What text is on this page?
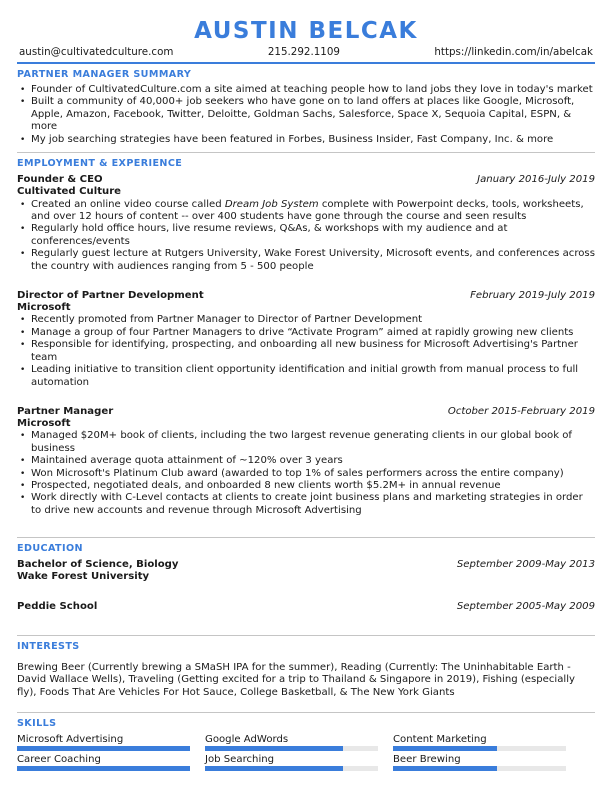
AUSTIN BELCAK
austin@cultivatedculture.com	215.292.1109	https://linkedin.com/in/abelcak
PARTNER MANAGER SUMMARY
• Founder of CultivatedCulture.com a site aimed at teaching people how to land jobs they love in today's market
• Built a community of 40,000+ job seekers who have gone on to land offers at places like Google, Microsoft, Apple, Amazon, Facebook, Twitter, Deloitte, Goldman Sachs, Salesforce, Space X, Sequoia Capital, ESPN, & more
• My job searching strategies have been featured in Forbes, Business Insider, Fast Company, Inc. & more
EMPLOYMENT & EXPERIENCE
Founder & CEO	January 2016-July 2019
Cultivated Culture
• Created an online video course called Dream Job System complete with Powerpoint decks, tools, worksheets, and over 12 hours of content -- over 400 students have gone through the course and seen results
• Regularly hold office hours, live resume reviews, Q&As, & workshops with my audience and at conferences/events
• Regularly guest lecture at Rutgers University, Wake Forest University, Microsoft events, and conferences across the country with audiences ranging from 5 - 500 people
Director of Partner Development	February 2019-July 2019
Microsoft
• Recently promoted from Partner Manager to Director of Partner Development
• Manage a group of four Partner Managers to drive “Activate Program” aimed at rapidly growing new clients
• Responsible for identifying, prospecting, and onboarding all new business for Microsoft Advertising's Partner team
• Leading initiative to transition client opportunity identification and initial growth from manual process to full automation
Partner Manager	October 2015-February 2019
Microsoft
• Managed $20M+ book of clients, including the two largest revenue generating clients in our global book of business
• Maintained average quota attainment of ~120% over 3 years
• Won Microsoft's Platinum Club award (awarded to top 1% of sales performers across the entire company)
• Prospected, negotiated deals, and onboarded 8 new clients worth $5.2M+ in annual revenue
• Work directly with C-Level contacts at clients to create joint business plans and marketing strategies in order to drive new accounts and revenue through Microsoft Advertising
EDUCATION
Bachelor of Science, Biology	September 2009-May 2013
Wake Forest University
Peddie School	September 2005-May 2009
INTERESTS
Brewing Beer (Currently brewing a SMaSH IPA for the summer), Reading (Currently: The Uninhabitable Earth - David Wallace Wells), Traveling (Getting excited for a trip to Thailand & Singapore in 2019), Fishing (especially fly), Foods That Are Vehicles For Hot Sauce, College Basketball, & The New York Giants
SKILLS
Microsoft Advertising	Google AdWords	Content Marketing
Career Coaching	Job Searching	Beer Brewing
